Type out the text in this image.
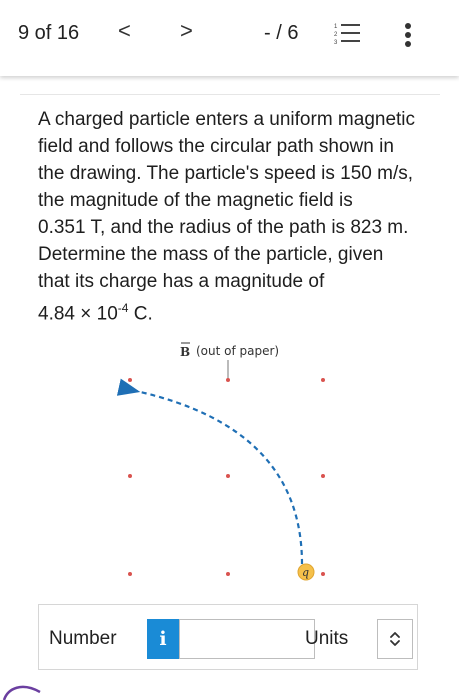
9 of 16 < >	- / 6	1
2
3
A charged particle enters a uniform magnetic
field and follows the circular path shown in
the drawing. The particle's speed is 150 m/s,
the magnitude of the magnetic field is
0.351 T, and the radius of the path is 823 m.
Determine the mass of the particle, given
that its charge has a magnitude of
$4.84 \times 10^{-4}$ C.
B (out of paper)
q
Number	i	Units
